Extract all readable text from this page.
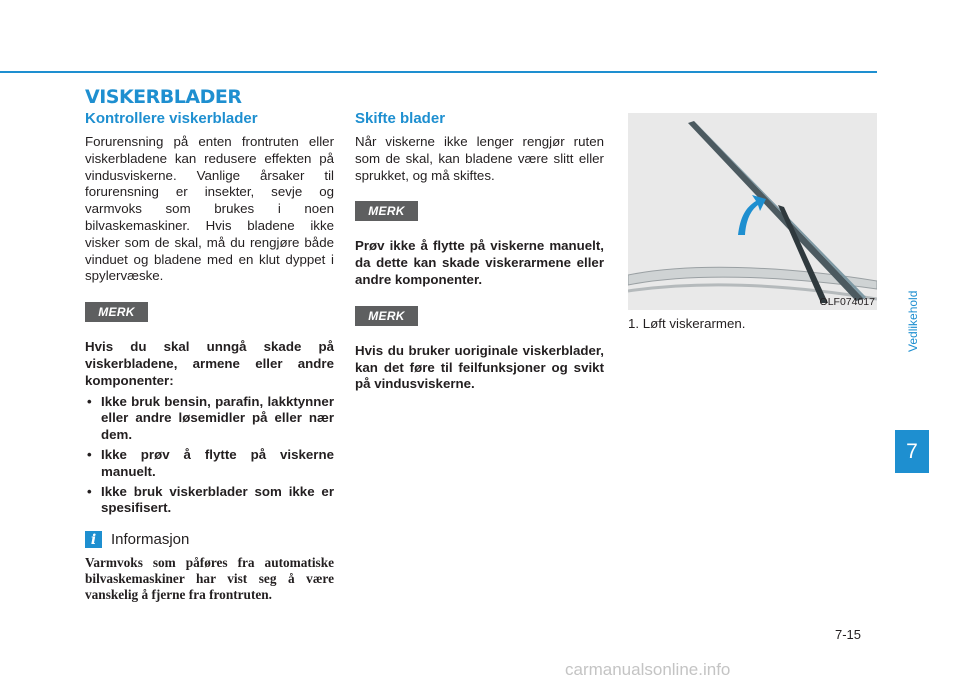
VISKERBLADER
Kontrollere viskerblader

Forurensning på enten frontruten eller viskerbladene kan redusere effekten på vindusviskerne. Vanlige årsaker til forurensning er insekter, sevje og varmvoks som brukes i noen bilvaskemaskiner. Hvis bladene ikke visker som de skal, må du rengjøre både vinduet og bladene med en klut dyppet i spylervæske.

MERK

Hvis du skal unngå skade på viskerbladene, armene eller andre komponenter:

• Ikke bruk bensin, parafin, lakktynner eller andre løsemidler på eller nær dem.
• Ikke prøv å flytte på viskerne manuelt.
• Ikke bruk viskerblader som ikke er spesifisert.
i Informasjon

Varmvoks som påføres fra automatiske bilvaskemaskiner har vist seg å være vanskelig å fjerne fra frontruten.

Skifte blader

Når viskerne ikke lenger rengjør ruten som de skal, kan bladene være slitt eller sprukket, og må skiftes.

MERK

Prøv ikke å flytte på viskerne manuelt, da dette kan skade viskerarmene eller andre komponenter.

MERK

Hvis du bruker uoriginale viskerblader, kan det føre til feilfunksjoner og svikt på vindusviskerne.

OLF074017
1. Løft viskerarmen.	Vedlikehold
7
7-15
carmanualsonline.info
